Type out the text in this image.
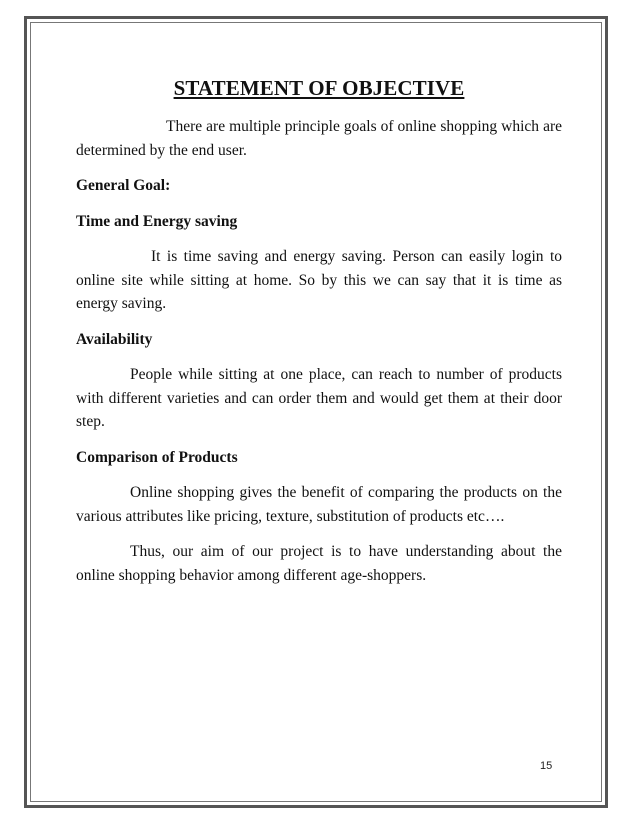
STATEMENT OF OBJECTIVE

There are multiple principle goals of online shopping which are determined by the end user.

General Goal:
Time and Energy saving

It is time saving and energy saving. Person can easily login to online site while sitting at home. So by this we can say that it is time as energy saving.

Availability

People while sitting at one place, can reach to number of products with different varieties and can order them and would get them at their door step.

Comparison of Products

Online shopping gives the benefit of comparing the products on the various attributes like pricing, texture, substitution of products etc….

Thus, our aim of our project is to have understanding about the online shopping behavior among different age-shoppers.

15
